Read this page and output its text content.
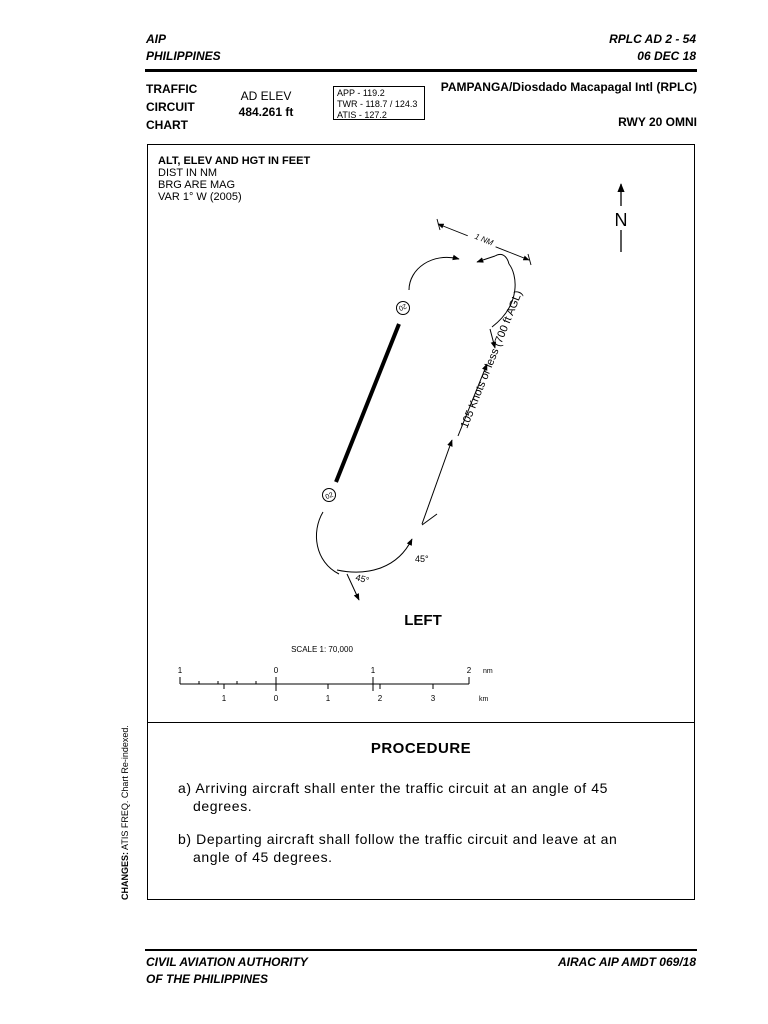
AIP
PHILIPPINES
RPLC AD 2 - 54
06 DEC 18
TRAFFIC
CIRCUIT
CHART
AD ELEV
484.261 ft
APP - 119.2
TWR - 118.7 / 124.3
ATIS - 127.2
PAMPANGA/Diosdado Macapagal Intl (RPLC)
RWY 20 OMNI
ALT, ELEV AND HGT IN FEET
DIST IN NM
BRG ARE MAG
VAR 1° W (2005)
N
1 NM
20
02
105 Knots or less (700 ft AGL)
45°
45°
LEFT
SCALE 1: 70,000
1	0	1	2 nm
1	0	1	2	3	km
PROCEDURE
a) Arriving aircraft shall enter the traffic circuit at an angle of 45
degrees.
b) Departing aircraft shall follow the traffic circuit and leave at an
angle of 45 degrees.
CHANGES: ATIS FREQ. Chart Re-indexed.
CIVIL AVIATION AUTHORITY
OF THE PHILIPPINES
AIRAC AIP AMDT 069/18
